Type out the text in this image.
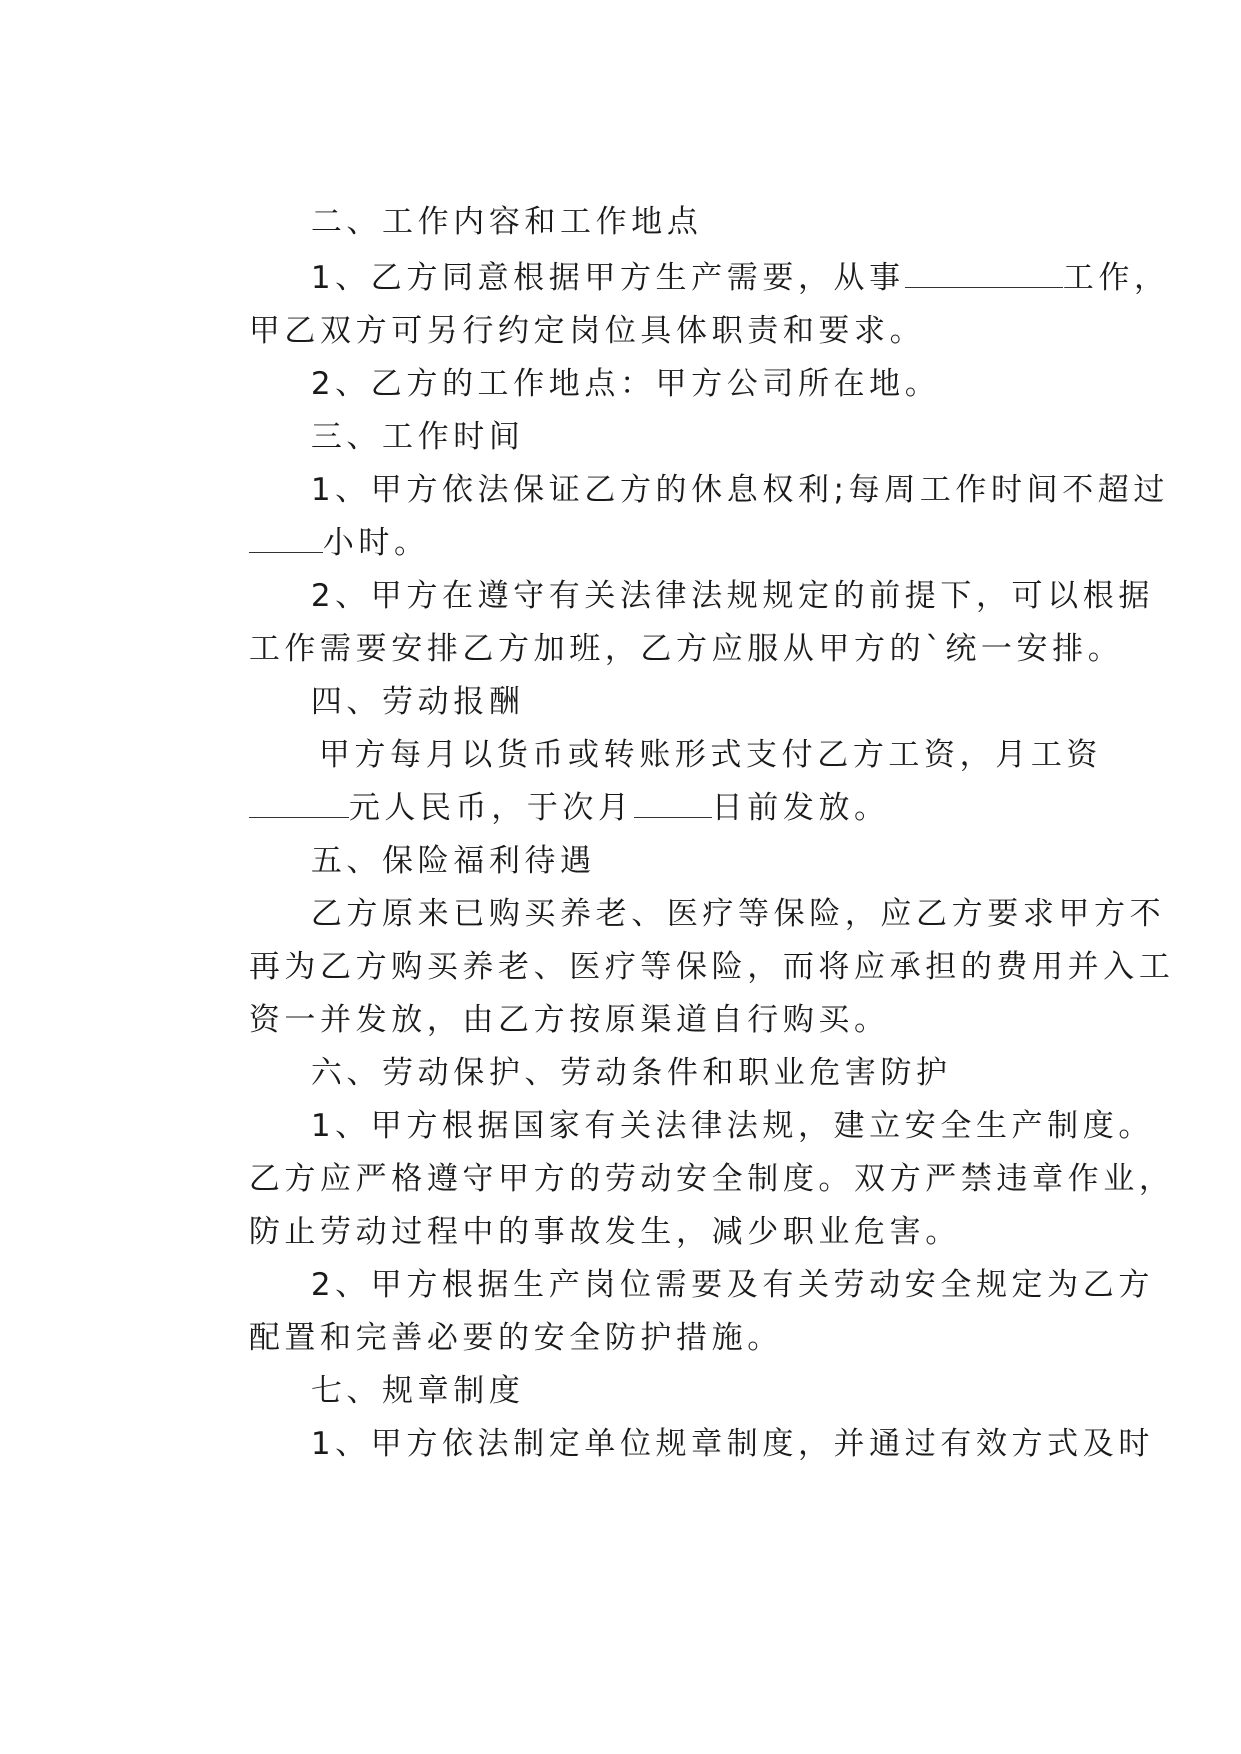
二、工作内容和工作地点

1、乙方同意根据甲方生产需要，从事	工作，

甲乙双方可另行约定岗位具体职责和要求。

2、乙方的工作地点：甲方公司所在地。

三、工作时间

1、甲方依法保证乙方的休息权利;每周工作时间不超过

小时。

2、甲方在遵守有关法律法规规定的前提下，可以根据

工作需要安排乙方加班，乙方应服从甲方的`统一安排。

四、劳动报酬

甲方每月以货币或转账形式支付乙方工资，月工资

元人民币，于次月	日前发放。

五、保险福利待遇

乙方原来已购买养老、医疗等保险，应乙方要求甲方不

再为乙方购买养老、医疗等保险，而将应承担的费用并入工

资一并发放，由乙方按原渠道自行购买。

六、劳动保护、劳动条件和职业危害防护

1、甲方根据国家有关法律法规，建立安全生产制度。

乙方应严格遵守甲方的劳动安全制度。双方严禁违章作业，

防止劳动过程中的事故发生，减少职业危害。

2、甲方根据生产岗位需要及有关劳动安全规定为乙方

配置和完善必要的安全防护措施。

七、规章制度

1、甲方依法制定单位规章制度，并通过有效方式及时
